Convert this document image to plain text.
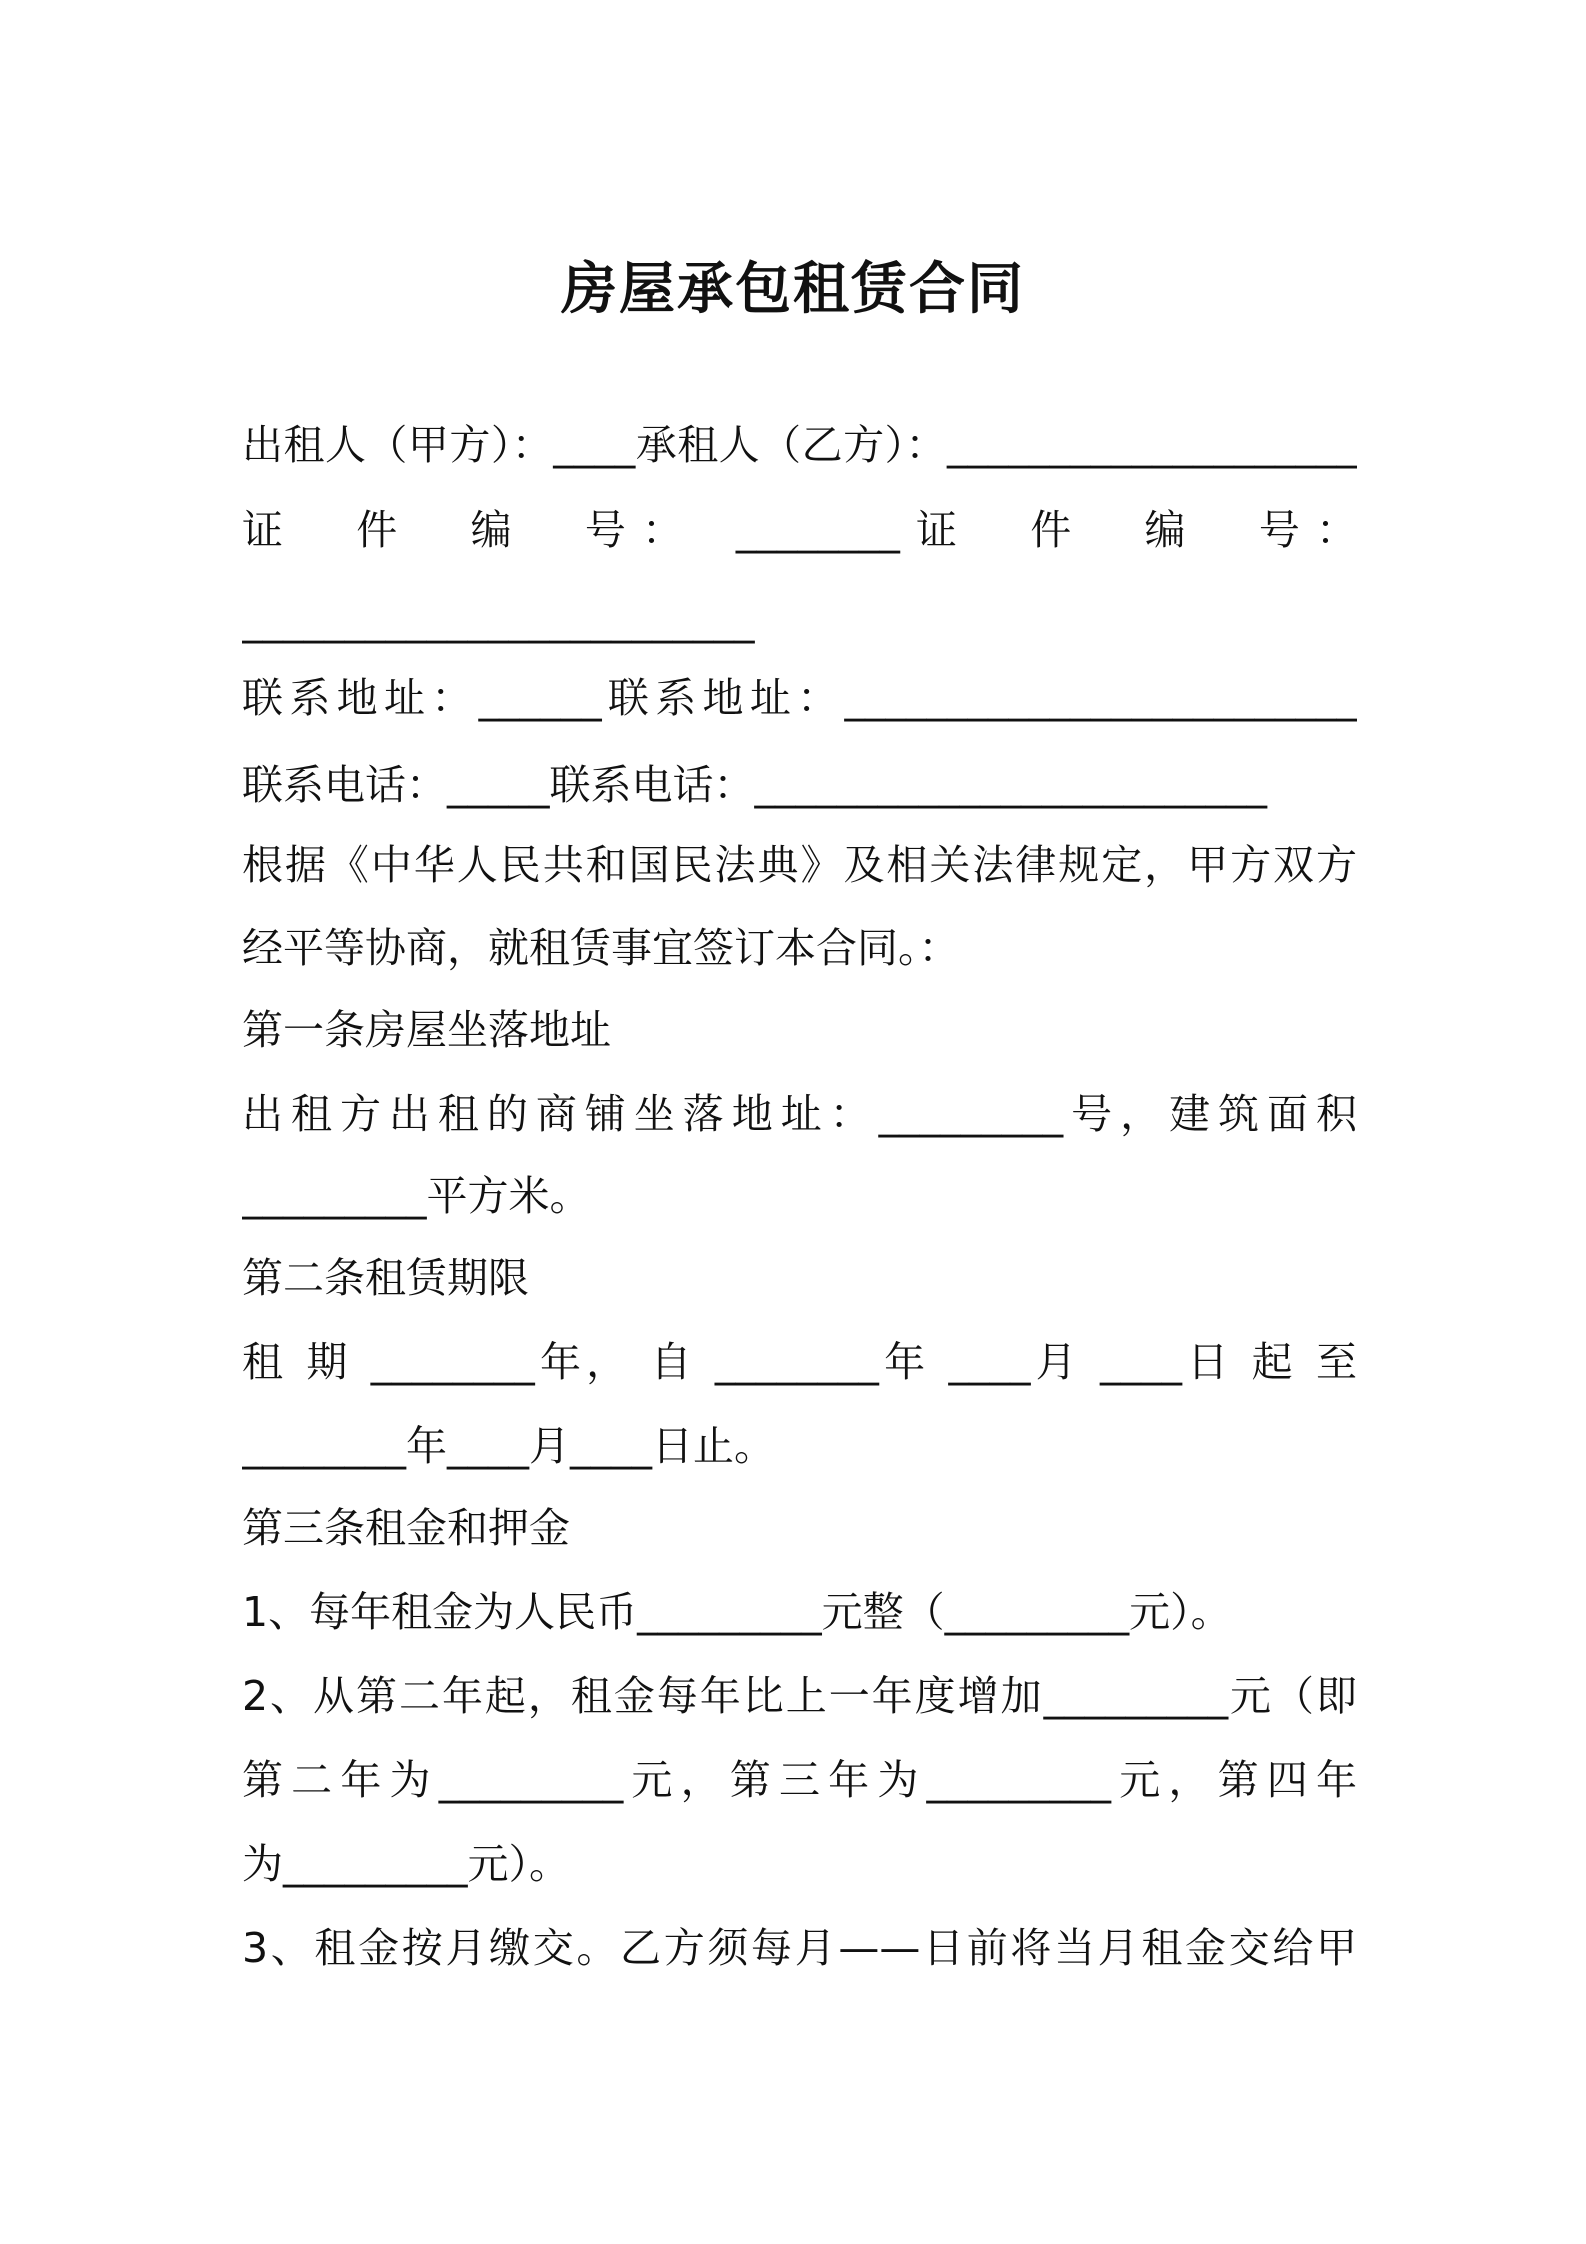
房屋承包租赁合同
出租人（甲方）：____承租人（乙方）：____________________
证　件　编　号：　________证　件　编　号：
_________________________
联系地址：______联系地址：_________________________
联系电话：_____联系电话：_________________________
根据《中华人民共和国民法典》及相关法律规定，甲方双方
经平等协商，就租赁事宜签订本合同。：
第一条房屋坐落地址
出租方出租的商铺坐落地址：_________号，建筑面积
_________平方米。
第二条租赁期限
租 期 ________年， 自 ________年 ____月 ____日 起 至
________年____月____日止。
第三条租金和押金
1、每年租金为人民币_________元整（_________元）。
2、从第二年起，租金每年比上一年度增加_________元（即
第二年为_________元，第三年为_________元，第四年
为_________元）。
3、租金按月缴交。乙方须每月——日前将当月租金交给甲
